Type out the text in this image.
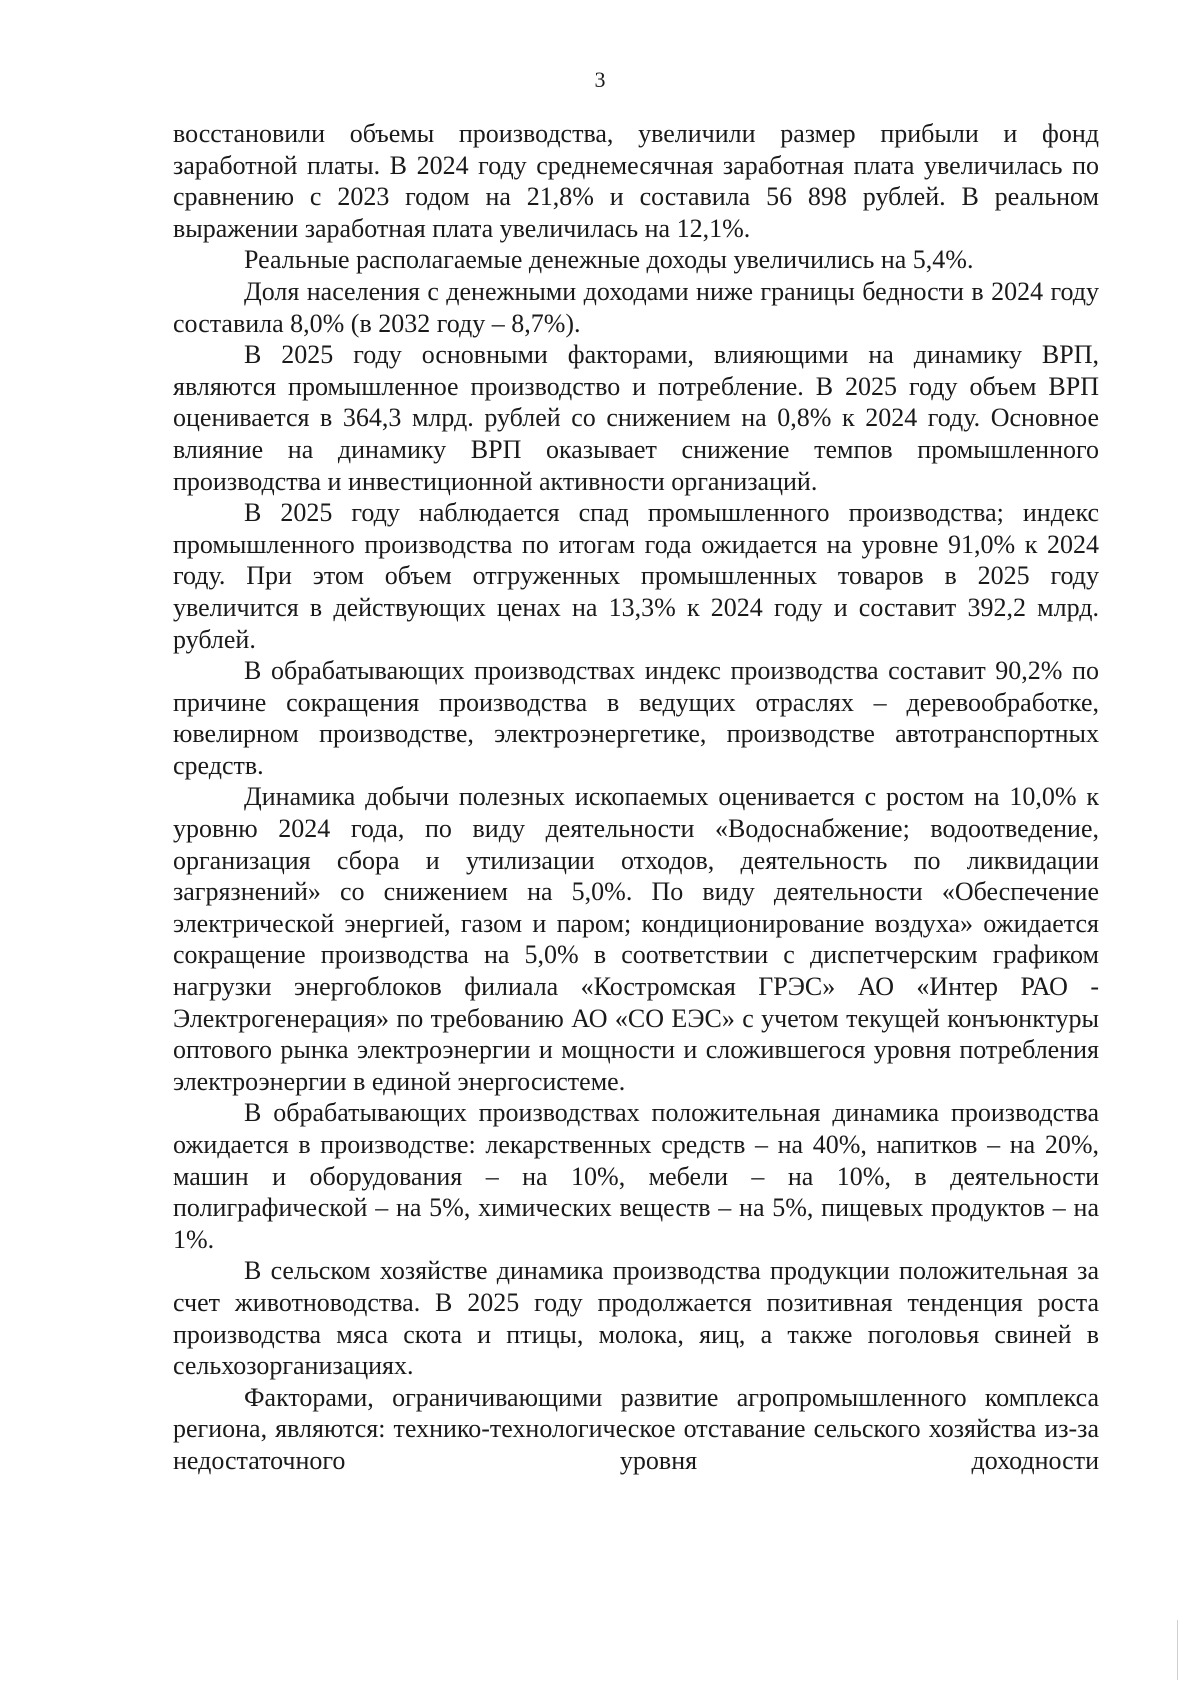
3

восстановили объемы производства, увеличили размер прибыли и фонд заработной платы. В 2024 году среднемесячная заработная плата увеличилась по сравнению с 2023 годом на 21,8% и составила 56 898 рублей. В реальном выражении заработная плата увеличилась на 12,1%.

Реальные располагаемые денежные доходы увеличились на 5,4%.

Доля населения с денежными доходами ниже границы бедности в 2024 году составила 8,0% (в 2032 году – 8,7%).

В 2025 году основными факторами, влияющими на динамику ВРП, являются промышленное производство и потребление. В 2025 году объем ВРП оценивается в 364,3 млрд. рублей со снижением на 0,8% к 2024 году. Основное влияние на динамику ВРП оказывает снижение темпов промышленного производства и инвестиционной активности организаций.

В 2025 году наблюдается спад промышленного производства; индекс промышленного производства по итогам года ожидается на уровне 91,0% к 2024 году. При этом объем отгруженных промышленных товаров в 2025 году увеличится в действующих ценах на 13,3% к 2024 году и составит 392,2 млрд. рублей.

В обрабатывающих производствах индекс производства составит 90,2% по причине сокращения производства в ведущих отраслях – деревообработке, ювелирном производстве, электроэнергетике, производстве автотранспортных средств.

Динамика добычи полезных ископаемых оценивается с ростом на 10,0% к уровню 2024 года, по виду деятельности «Водоснабжение; водоотведение, организация сбора и утилизации отходов, деятельность по ликвидации загрязнений» со снижением на 5,0%. По виду деятельности «Обеспечение электрической энергией, газом и паром; кондиционирование воздуха» ожидается сокращение производства на 5,0% в соответствии с диспетчерским графиком нагрузки энергоблоков филиала «Костромская ГРЭС» АО «Интер РАО - Электрогенерация» по требованию АО «СО ЕЭС» с учетом текущей конъюнктуры оптового рынка электроэнергии и мощности и сложившегося уровня потребления электроэнергии в единой энергосистеме.

В обрабатывающих производствах положительная динамика производства ожидается в производстве: лекарственных средств – на 40%, напитков – на 20%, машин и оборудования – на 10%, мебели – на 10%, в деятельности полиграфической – на 5%, химических веществ – на 5%, пищевых продуктов – на 1%.

В сельском хозяйстве динамика производства продукции положительная за счет животноводства. В 2025 году продолжается позитивная тенденция роста производства мяса скота и птицы, молока, яиц, а также поголовья свиней в сельхозорганизациях.

Факторами, ограничивающими развитие агропромышленного комплекса региона, являются: технико-технологическое отставание сельского хозяйства из-за недостаточного уровня доходности
